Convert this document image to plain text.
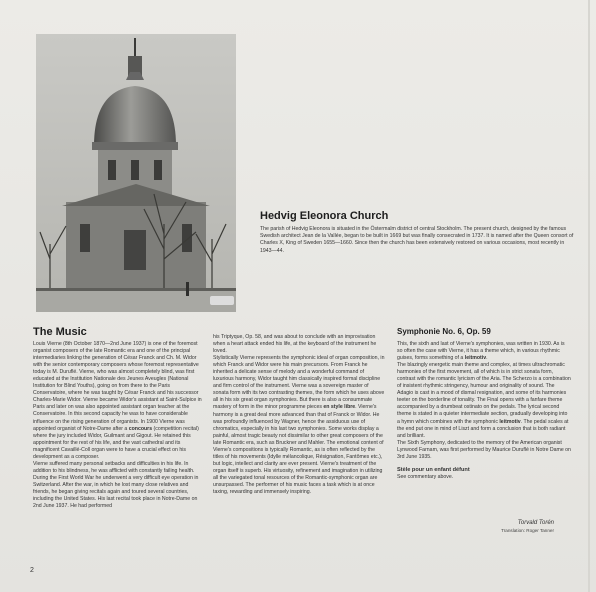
Hedvig Eleonora Church

The parish of Hedvig Eleonora is situated in the Östermalm district of central Stockholm. The present church, designed by the famous Swedish architect Jean de la Vallée, began to be built in 1669 but was finally consecrated in 1737. It is named after the Queen consort of Charles X, King of Sweden 1655—1660. Since then the church has been extensively restored on various occasions, most recently in 1943—44.

The Music

Louis Vierne (8th October 1870—2nd June 1937) is one of the foremost organist composers of the late Romantic era and one of the principal intermediaries linking the generation of César Franck and Ch. M. Widor with the senior contemporary composers whose foremost representative today is M. Duruflé. Vierne, who was almost completely blind, was first educated at the Institution Nationale des Jeunes Aveugles (National Institution for Blind Youths), going on from there to the Paris Conservatoire, where he was taught by César Franck and his successor Charles-Marie Widor. Vierne became Widor's assistant at Saint-Sulpice in Paris and later on was also appointed assistant organ teacher at the Conservatoire. In this second capacity he was to have considerable influence on the rising generation of organists. In 1900 Vierne was appointed organist of Notre-Dame after a concours (competition recital) where the jury included Widor, Guilmant and Gigout. He retained this appointment for the rest of his life, and the vast cathedral and its magnificent Cavaillé-Coll organ were to have a crucial effect on his development as a composer.

Vierne suffered many personal setbacks and difficulties in his life. In addition to his blindness, he was afflicted with constantly failing health. During the First World War he underwent a very difficult eye operation in Switzerland. After the war, in which he lost many close relatives and friends, he began giving recitals again and toured several countries, including the United States. His last recital took place in Notre-Dame on 2nd June 1937. He had performed

his Triptyque, Op. 58, and was about to conclude with an improvisation when a heart attack ended his life, at the keyboard of the instrument he loved.

Stylistically Vierne represents the symphonic ideal of organ composition, in which Franck and Widor were his main precursors. From Franck he inherited a delicate sense of melody and a wonderful command of luxurious harmony, Widor taught him classically inspired formal discipline and firm control of the instrument. Vierne was a sovereign master of sonata form with its two contrasting themes, the form which he uses above all in his six great organ symphonies. But there is also a consummate mastery of form in the minor programme pieces en style libre. Vierne's harmony is a great deal more advanced than that of Franck or Widor. He was profoundly influenced by Wagner, hence the assiduous use of chromatics, especially in his last two symphonies. Some works display a painful, almost tragic beauty not dissimilar to other great composers of the late Romantic era, such as Bruckner and Mahler. The emotional content of Vierne's compositions is typically Romantic, as is often reflected by the titles of his movements (Idylle mélancolique, Résignation, Fantômes etc.), but logic, intellect and clarity are ever present. Vierne's treatment of the organ itself is superb. His virtuosity, refinement and imagination in utilizing all the variegated tonal resources of the Romantic-symphonic organ are unsurpassed. The performer of his music faces a task which is at once taxing, rewarding and immensely inspiring.

Symphonie No. 6, Op. 59

This, the sixth and last of Vierne's symphonies, was written in 1930. As is so often the case with Vierne, it has a theme which, in various rhythmic guises, forms something of a leitmotiv.

The blazingly energetic main theme and complex, at times ultrachromatic harmonies of the first movement, all of which is in strict sonata form, contrast with the romantic lyricism of the Aria. The Scherzo is a combination of insistent rhythmic stringency, humour and originality of sound. The Adagio is cast in a mood of dismal resignation, and some of its harmonies teeter on the borderline of tonality. The Final opens with a fanfare theme accompanied by a drumbeat ostinato on the pedals. The lyrical second theme is stated in a quieter intermediate section, gradually developing into a hymn which combines with the symphonic leitmotiv. The pedal scales at the end put one in mind of Liszt and form a conclusion that is both radiant and brilliant.

The Sixth Symphony, dedicated to the memory of the American organist Lynwood Farnam, was first performed by Maurice Duruflé in Notre Dame on 3rd June 1935.

Stèle pour un enfant défunt

See commentary above.

Torvald Torén
Translation: Roger Tanner
2
